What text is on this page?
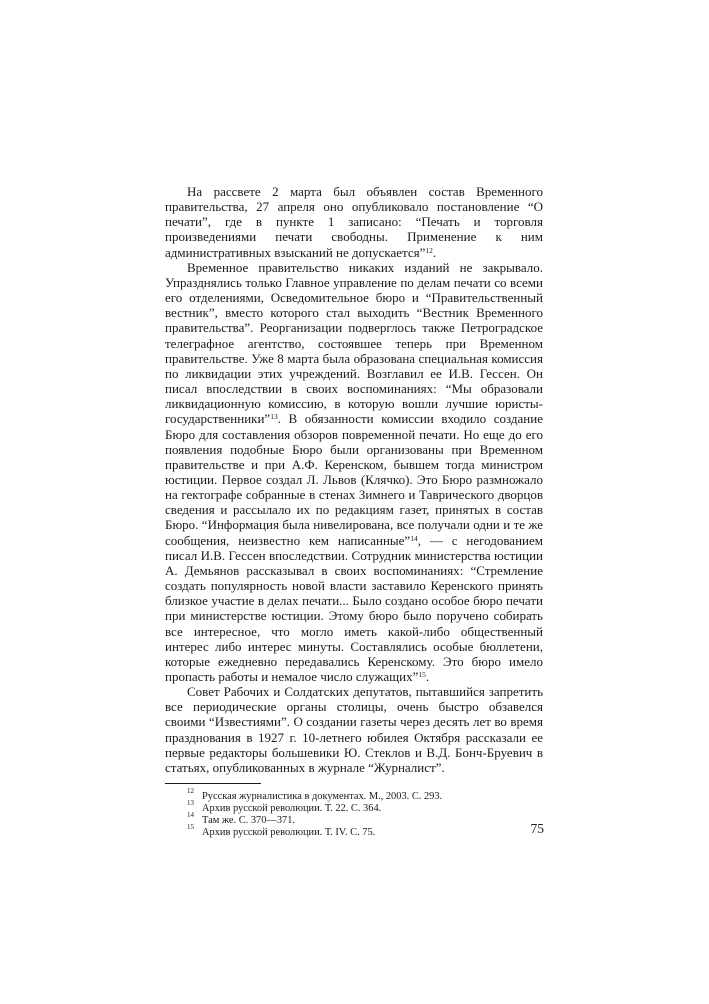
На рассвете 2 марта был объявлен состав Временного правительства, 27 апреля оно опубликовало постановление “О печати”, где в пункте 1 записано: “Печать и торговля произведениями печати свободны. Применение к ним административных взысканий не допускается”$^{12}$.

Временное правительство никаких изданий не закрывало. Упразднялись только Главное управление по делам печати со всеми его отделениями, Осведомительное бюро и “Правительственный вестник”, вместо которого стал выходить “Вестник Временного правительства”. Реорганизации подверглось также Петроградское телеграфное агентство, состоявшее теперь при Временном правительстве. Уже 8 марта была образована специальная комиссия по ликвидации этих учреждений. Возглавил ее И.В. Гессен. Он писал впоследствии в своих воспоминаниях: “Мы образовали ликвидационную комиссию, в которую вошли лучшие юристы-государственники”$^{13}$. В обязанности комиссии входило создание Бюро для составления обзоров повременной печати. Но еще до его появления подобные Бюро были организованы при Временном правительстве и при А.Ф. Керенском, бывшем тогда министром юстиции. Первое создал Л. Львов (Клячко). Это Бюро размножало на гектографе собранные в стенах Зимнего и Таврического дворцов сведения и рассылало их по редакциям газет, принятых в состав Бюро. “Информация была нивелирована, все получали одни и те же сообщения, неизвестно кем написанные”$^{14}$, — с негодованием писал И.В. Гессен впоследствии. Сотрудник министерства юстиции А. Демьянов рассказывал в своих воспоминаниях: “Стремление создать популярность новой власти заставило Керенского принять близкое участие в делах печати... Было создано особое бюро печати при министерстве юстиции. Этому бюро было поручено собирать все интересное, что могло иметь какой-либо общественный интерес либо интерес минуты. Составлялись особые бюллетени, которые ежедневно передавались Керенскому. Это бюро имело пропасть работы и немалое число служащих”$^{15}$.

Совет Рабочих и Солдатских депутатов, пытавшийся запретить все периодические органы столицы, очень быстро обзавелся своими “Известиями”. О создании газеты через десять лет во время празднования в 1927 г. 10-летнего юбилея Октября рассказали ее первые редакторы большевики Ю. Стеклов и В.Д. Бонч-Бруевич в статьях, опубликованных в журнале “Журналист”.

12 Русская журналистика в документах. М., 2003. С. 293.

13 Архив русской революции. Т. 22. С. 364.

14 Там же. С. 370—371.

15 Архив русской революции. Т. IV. С. 75.	75
